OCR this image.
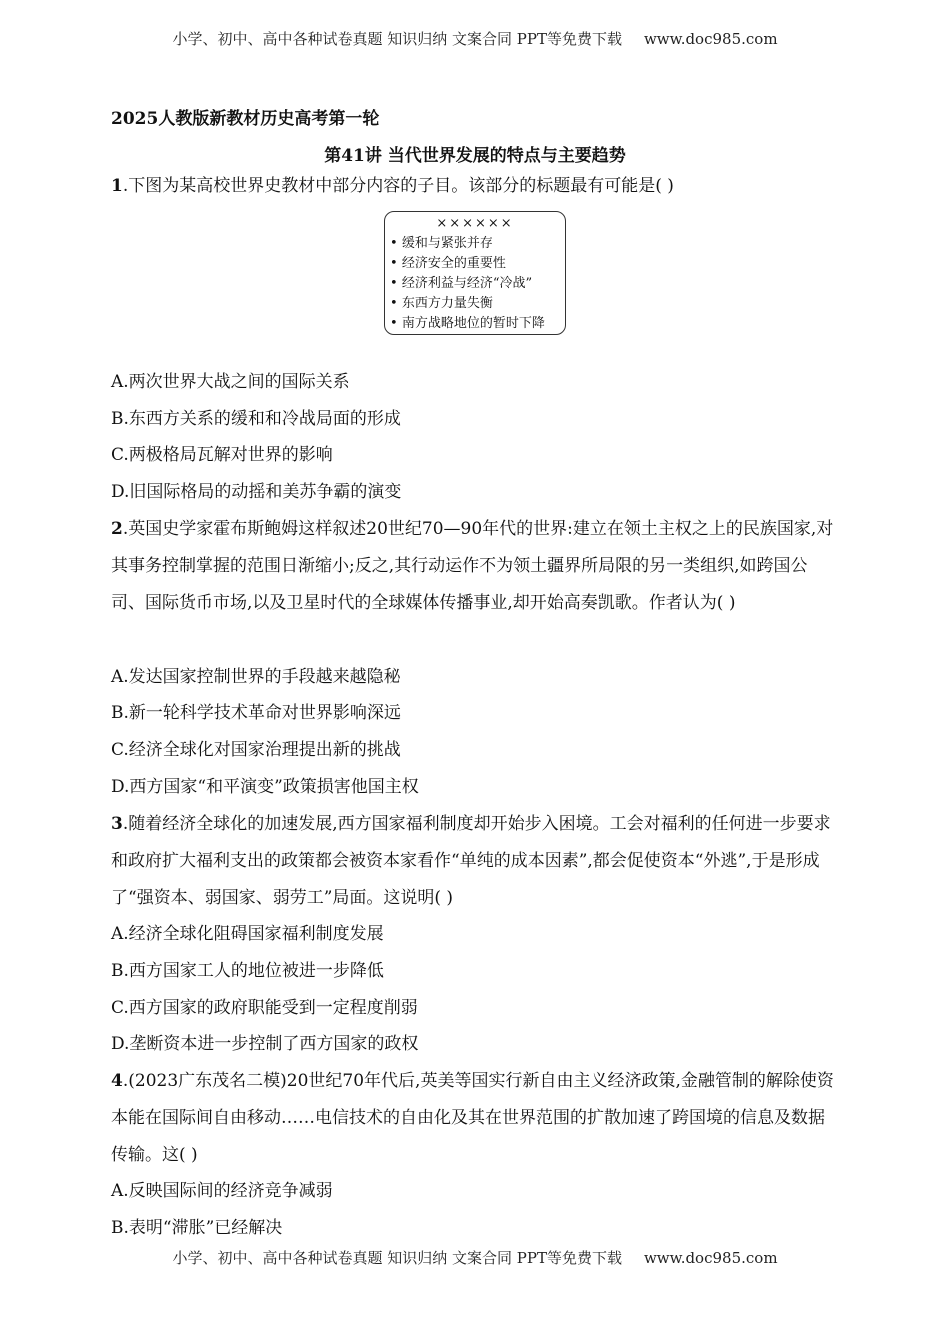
小学、初中、高中各种试卷真题 知识归纳 文案合同 PPT等免费下载 www.doc985.com
2025人教版新教材历史高考第一轮
第41讲 当代世界发展的特点与主要趋势
1.下图为某高校世界史教材中部分内容的子目。该部分的标题最有可能是( )
××××××
• 缓和与紧张并存
• 经济安全的重要性
• 经济利益与经济“冷战”
• 东西方力量失衡
• 南方战略地位的暂时下降
A.两次世界大战之间的国际关系
B.东西方关系的缓和和冷战局面的形成
C.两极格局瓦解对世界的影响
D.旧国际格局的动摇和美苏争霸的演变
2.英国史学家霍布斯鲍姆这样叙述20世纪70—90年代的世界:建立在领土主权之上的民族国家,对其事务控制掌握的范围日渐缩小;反之,其行动运作不为领土疆界所局限的另一类组织,如跨国公司、国际货币市场,以及卫星时代的全球媒体传播事业,却开始高奏凯歌。作者认为( )
A.发达国家控制世界的手段越来越隐秘
B.新一轮科学技术革命对世界影响深远
C.经济全球化对国家治理提出新的挑战
D.西方国家“和平演变”政策损害他国主权
3.随着经济全球化的加速发展,西方国家福利制度却开始步入困境。工会对福利的任何进一步要求和政府扩大福利支出的政策都会被资本家看作“单纯的成本因素”,都会促使资本“外逃”,于是形成了“强资本、弱国家、弱劳工”局面。这说明( )
A.经济全球化阻碍国家福利制度发展
B.西方国家工人的地位被进一步降低
C.西方国家的政府职能受到一定程度削弱
D.垄断资本进一步控制了西方国家的政权
4.(2023广东茂名二模)20世纪70年代后,英美等国实行新自由主义经济政策,金融管制的解除使资本能在国际间自由移动……电信技术的自由化及其在世界范围的扩散加速了跨国境的信息及数据传输。这( )
A.反映国际间的经济竞争减弱
B.表明“滞胀”已经解决
小学、初中、高中各种试卷真题 知识归纳 文案合同 PPT等免费下载 www.doc985.com
